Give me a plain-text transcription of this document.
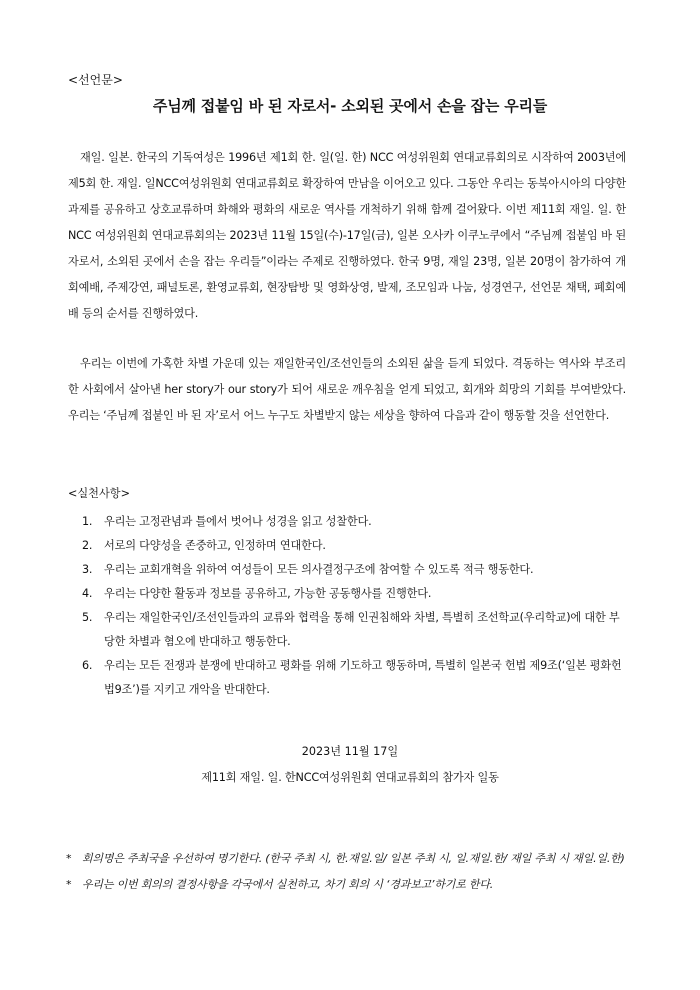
<선언문>
주님께 접붙임 바 된 자로서- 소외된 곳에서 손을 잡는 우리들

재일. 일본. 한국의 기독여성은 1996년 제1회 한. 일(일. 한) NCC 여성위원회 연대교류회의로 시작하여 2003년에 제5회 한. 재일. 일NCC여성위원회 연대교류회로 확장하여 만남을 이어오고 있다. 그동안 우리는 동북아시아의 다양한 과제를 공유하고 상호교류하며 화해와 평화의 새로운 역사를 개척하기 위해 함께 걸어왔다. 이번 제11회 재일. 일. 한NCC 여성위원회 연대교류회의는 2023년 11월 15일(수)-17일(금), 일본 오사카 이쿠노쿠에서 “주님께 접붙임 바 된 자로서, 소외된 곳에서 손을 잡는 우리들”이라는 주제로 진행하였다. 한국 9명, 재일 23명, 일본 20명이 참가하여 개회예배, 주제강연, 패널토론, 환영교류회, 현장탐방 및 영화상영, 발제, 조모임과 나눔, 성경연구, 선언문 채택, 폐회예배 등의 순서를 진행하였다.

우리는 이번에 가혹한 차별 가운데 있는 재일한국인/조선인들의 소외된 삶을 듣게 되었다. 격동하는 역사와 부조리한 사회에서 살아낸 her story가 our story가 되어 새로운 깨우침을 얻게 되었고, 회개와 희망의 기회를 부여받았다. 우리는 ‘주님께 접붙인 바 된 자’로서 어느 누구도 차별받지 않는 세상을 향하여 다음과 같이 행동할 것을 선언한다.

<실천사항>
1. 우리는 고정관념과 틀에서 벗어나 성경을 읽고 성찰한다.
2. 서로의 다양성을 존중하고, 인정하며 연대한다.
3. 우리는 교회개혁을 위하여 여성들이 모든 의사결정구조에 참여할 수 있도록 적극 행동한다.
4. 우리는 다양한 활동과 정보를 공유하고, 가능한 공동행사를 진행한다.
5. 우리는 재일한국인/조선인들과의 교류와 협력을 통해 인권침해와 차별, 특별히 조선학교(우리학교)에 대한 부당한 차별과 혐오에 반대하고 행동한다.
6. 우리는 모든 전쟁과 분쟁에 반대하고 평화를 위해 기도하고 행동하며, 특별히 일본국 헌법 제9조(‘일본 평화헌법9조’)를 지키고 개악을 반대한다.
2023년 11월 17일
제11회 재일. 일. 한NCC여성위원회 연대교류회의 참가자 일동
* 회의명은 주최국을 우선하여 명기한다. (한국 주최 시, 한.재일.일/ 일본 주최 시, 일.재일.한/ 재일 주최 시 재일.일.한)
* 우리는 이번 회의의 결정사항을 각국에서 실천하고, 차기 회의 시 ‘경과보고’하기로 한다.
